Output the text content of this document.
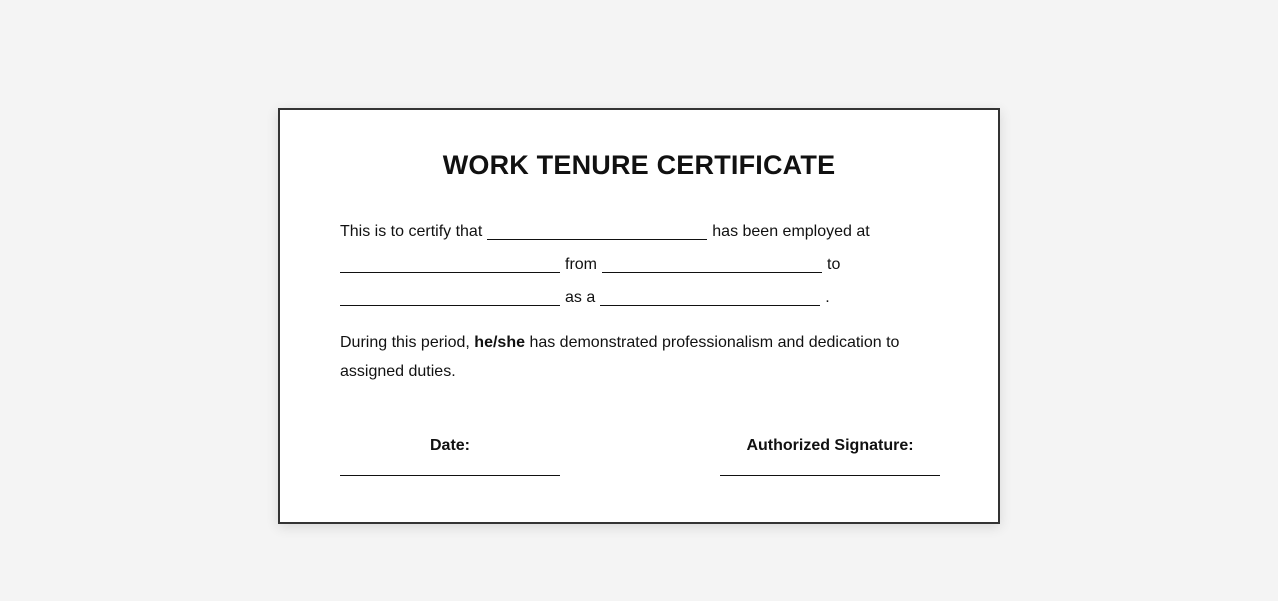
WORK TENURE CERTIFICATE
This is to certify that	has been employed at
from	to
as a	.

During this period, he/she has demonstrated professionalism and dedication to assigned duties.

Date:	Authorized Signature:
